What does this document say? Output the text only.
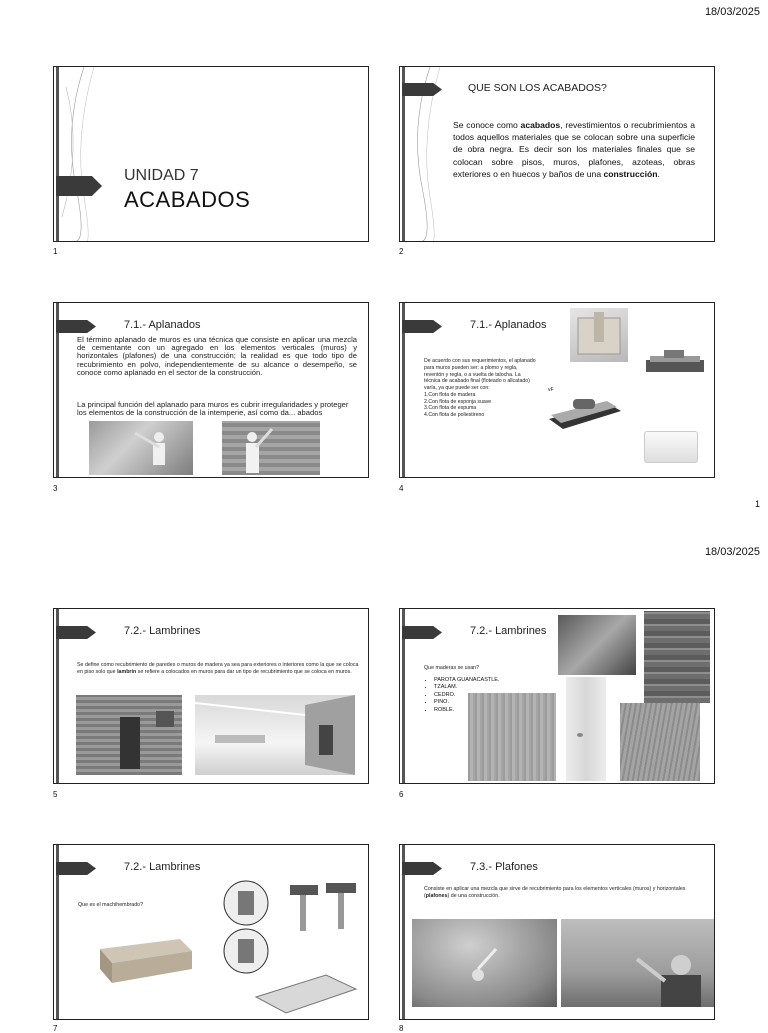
18/03/2025
UNIDAD 7
ACABADOS
1
QUE SON LOS ACABADOS?
Se conoce como acabados, revestimientos o recubrimientos a todos aquellos materiales que se colocan sobre una superficie de obra negra. Es decir son los materiales finales que se colocan sobre pisos, muros, plafones, azoteas, obras exteriores o en huecos y baños de una construcción.
2
7.1.- Aplanados
El término aplanado de muros es una técnica que consiste en aplicar una mezcla de cementante con un agregado en los elementos verticales (muros) y horizontales (plafones) de una construcción; la realidad es que todo tipo de recubrimiento en polvo, independientemente de su alcance o desempeño, se conoce como aplanado en el sector de la construcción.
La principal función del aplanado para muros es cubrir irregularidades y proteger los elementos de la construcción de la intemperie, así como da... abados
3
7.1.- Aplanados
De acuerdo con sus requerimientos, el aplanado para muros pueden ser: a plomo y regla, reventón y regla, o a vuelta de talocha. La técnica de acabado final (floteado o allcatado) varía, ya que puede ser con:
1.Con flota de madera
2.Con flota de esponja suave
3.Con flota de espuma
4.Con flota de poliestireno
vF
4
1
18/03/2025
7.2.- Lambrines
Se define como recubrimiento de paredes o muros de madera ya sea para exteriores o interiores como la que se coloca en piso solo que lambrín se refiere a colocados en muros para dar un tipo de recubrimiento que se coloca en muros.
5
7.2.- Lambrines
Que maderas se usan?
• PAROTA GUANACASTLE.
• TZALAM.
• CEDRO.
• PINO.
• ROBLE.
6
7.2.- Lambrines
Que es el machihembrado?
7
7.3.- Plafones
Consiste en aplicar una mezcla que sirve de recubrimiento para los elementos verticales (muros) y horizontales (plafones) de una construcción.
8
